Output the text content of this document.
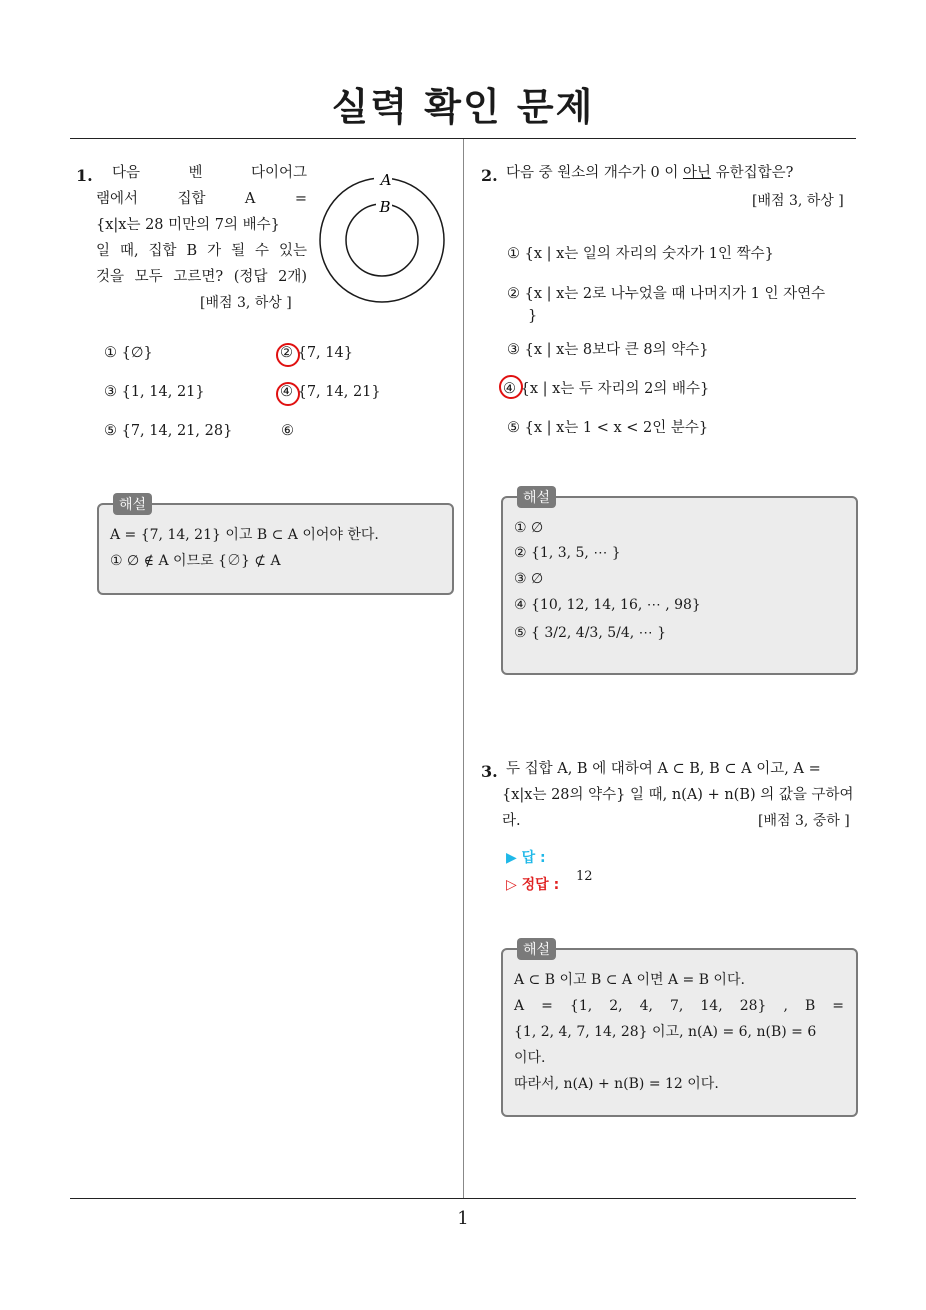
실력 확인 문제
1. 다음 벤 다이어그
램에서 집합 A =
{x|x는 28 미만의 7의 배수}
일 때, 집합 B 가 될 수 있는
것을 모두 고르면? (정답 2개)
[배점 3, 하상 ]
A
B
① {∅}	② {7, 14}
③ {1, 14, 21}	④ {7, 14, 21}
⑤ {7, 14, 21, 28}	⑥
해설
A = {7, 14, 21} 이고 B ⊂ A 이어야 한다.
① ∅ ∉ A 이므로 {∅} ⊄ A
2. 다음 중 원소의 개수가 0 이 아닌 유한집합은?
[배점 3, 하상 ]
① {x | x는 일의 자리의 숫자가 1인 짝수}
② {x | x는 2로 나누었을 때 나머지가 1 인 자연수
}
③ {x | x는 8보다 큰 8의 약수}
④ {x | x는 두 자리의 2의 배수}
⑤ {x | x는 1 < x < 2인 분수}
해설
① ∅
② {1, 3, 5, ⋯ }
③ ∅
④ {10, 12, 14, 16, ⋯ , 98}
⑤ { 3/2, 4/3, 5/4, ⋯ }
3. 두 집합 A, B 에 대하여 A ⊂ B, B ⊂ A 이고, A =
{x|x는 28의 약수} 일 때, n(A) + n(B) 의 값을 구하여
라.	[배점 3, 중하 ]
▶ 답 :
▷ 정답 :
12
해설
A ⊂ B 이고 B ⊂ A 이면 A = B 이다.
A = {1, 2, 4, 7, 14, 28} , B =
{1, 2, 4, 7, 14, 28} 이고, n(A) = 6, n(B) = 6
이다.
따라서, n(A) + n(B) = 12 이다.
1
